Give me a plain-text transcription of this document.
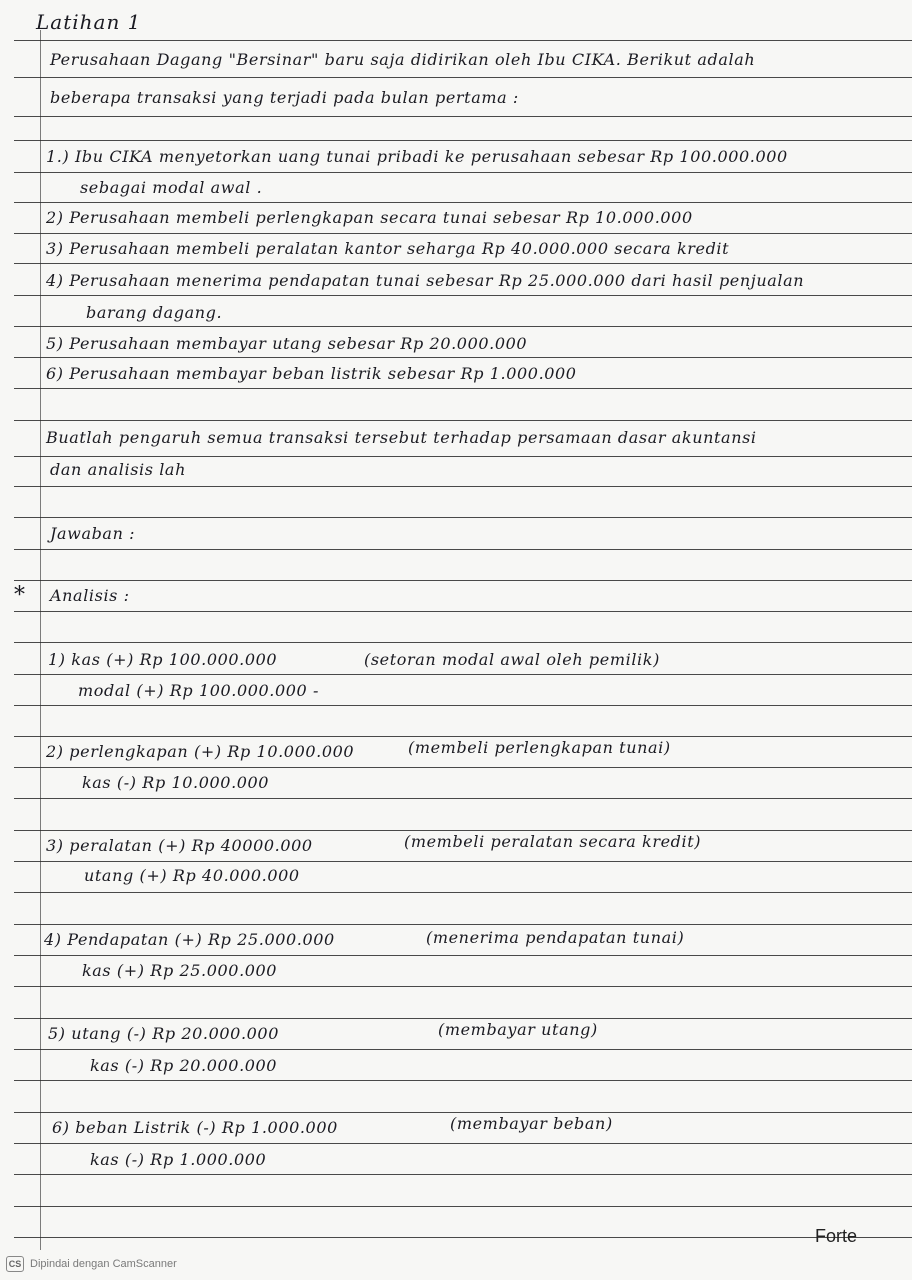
Latihan 1
Perusahaan Dagang "Bersinar" baru saja didirikan oleh Ibu CIKA. Berikut adalah
beberapa transaksi yang terjadi pada bulan pertama :
1.) Ibu CIKA menyetorkan uang tunai pribadi ke perusahaan sebesar Rp 100.000.000
sebagai modal awal .
2) Perusahaan membeli perlengkapan secara tunai sebesar Rp 10.000.000
3) Perusahaan membeli peralatan kantor seharga Rp 40.000.000 secara kredit
4) Perusahaan menerima pendapatan tunai sebesar Rp 25.000.000 dari hasil penjualan
barang dagang.
5) Perusahaan membayar utang sebesar Rp 20.000.000
6) Perusahaan membayar beban listrik sebesar Rp 1.000.000
Buatlah pengaruh semua transaksi tersebut terhadap persamaan dasar akuntansi
dan analisis lah
Jawaban :
* Analisis :
1) kas (+) Rp 100.000.000
modal (+) Rp 100.000.000 -
(setoran modal awal oleh pemilik)
2) perlengkapan (+) Rp 10.000.000
kas (-) Rp 10.000.000
(membeli perlengkapan tunai)
3) peralatan (+) Rp 40000.000
utang (+) Rp 40.000.000
(membeli peralatan secara kredit)
4) Pendapatan (+) Rp 25.000.000
kas (+) Rp 25.000.000
(menerima pendapatan tunai)
5) utang (-) Rp 20.000.000
kas (-) Rp 20.000.000
(membayar utang)
6) beban Listrik (-) Rp 1.000.000
kas (-) Rp 1.000.000
(membayar beban)
Forte
CS Dipindai dengan CamScanner
